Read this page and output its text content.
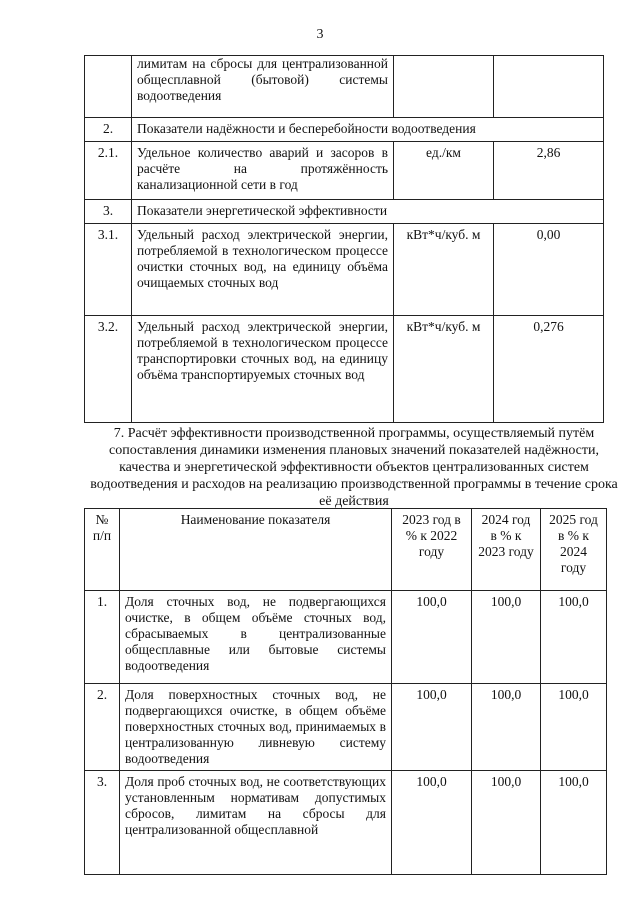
3
	лимитам на сбросы для централизованной общесплавной (бытовой) системы водоотведения		
2.	Показатели надёжности и бесперебойности водоотведения		
2.1.	Удельное количество аварий и засоров в расчёте на протяжённость канализационной сети в год	ед./км	2,86
3.	Показатели энергетической эффективности		
3.1.	Удельный расход электрической энергии, потребляемой в технологическом процессе очистки сточных вод, на единицу объёма очищаемых сточных вод	кВт*ч/куб. м	0,00
3.2.	Удельный расход электрической энергии, потребляемой в технологическом процессе транспортировки сточных вод, на единицу объёма транспортируемых сточных вод	кВт*ч/куб. м	0,276
7. Расчёт эффективности производственной программы, осуществляемый путём сопоставления динамики изменения плановых значений показателей надёжности, качества и энергетической эффективности объектов централизованных систем водоотведения и расходов на реализацию производственной программы в течение срока её действия
№ п/п	Наименование показателя	2023 год в % к 2022 году	2024 год в % к 2023 году	2025 год в % к 2024 году
1.	Доля сточных вод, не подвергающихся очистке, в общем объёме сточных вод, сбрасываемых в централизованные общесплавные или бытовые системы водоотведения	100,0	100,0	100,0
2.	Доля поверхностных сточных вод, не подвергающихся очистке, в общем объёме поверхностных сточных вод, принимаемых в централизованную ливневую систему водоотведения	100,0	100,0	100,0
3.	Доля проб сточных вод, не соответствующих установленным нормативам допустимых сбросов, лимитам на сбросы для централизованной общесплавной	100,0	100,0	100,0
